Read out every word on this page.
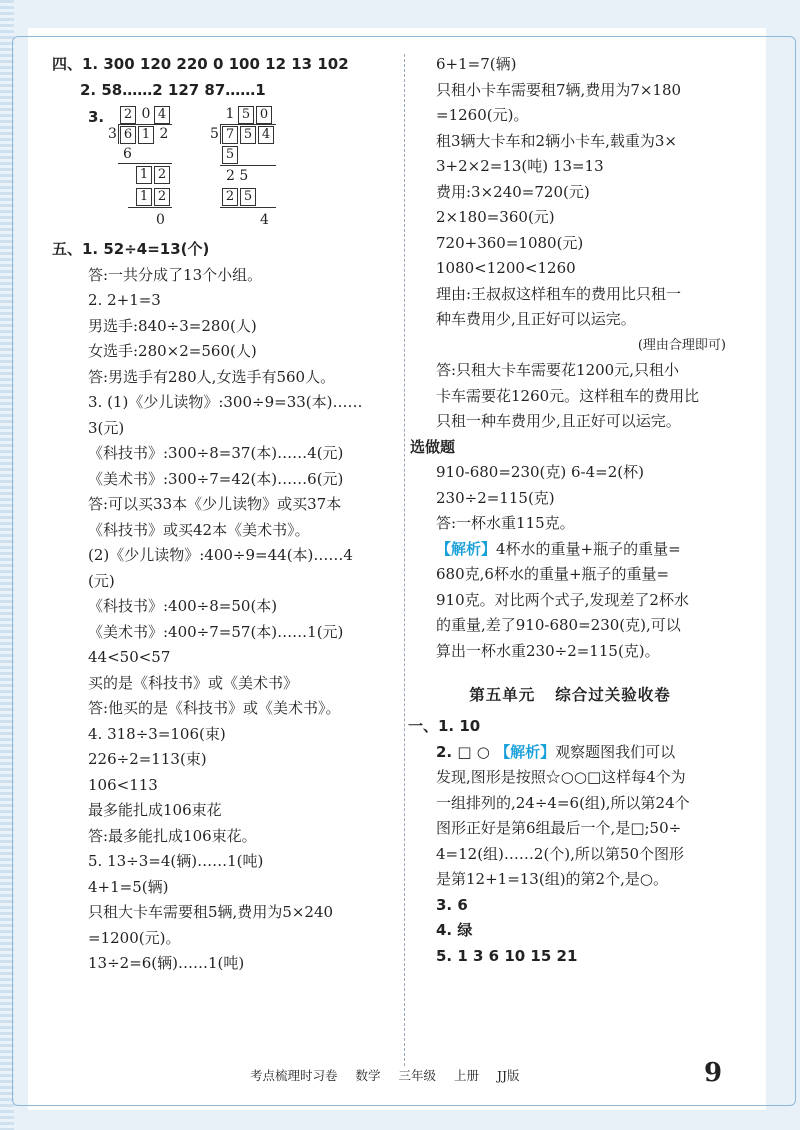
四、1. 300 120 220 0 100 12 13 102
2. 58……2 127 87……1
3. 2 0 4
3 6 1 2
6
1 2
1 2
0
1 5 0
5 7 5 4
5
2 5
2 5
4
五、1. 52÷4=13(个)
答:一共分成了13个小组。
2. 2+1=3
男选手:840÷3=280(人)
女选手:280×2=560(人)
答:男选手有280人,女选手有560人。
3. (1)《少儿读物》:300÷9=33(本)……
3(元)
《科技书》:300÷8=37(本)……4(元)
《美术书》:300÷7=42(本)……6(元)
答:可以买33本《少儿读物》或买37本
《科技书》或买42本《美术书》。
(2)《少儿读物》:400÷9=44(本)……4
(元)
《科技书》:400÷8=50(本)
《美术书》:400÷7=57(本)……1(元)
44<50<57
买的是《科技书》或《美术书》
答:他买的是《科技书》或《美术书》。
4. 318÷3=106(束)
226÷2=113(束)
106<113
最多能扎成106束花
答:最多能扎成106束花。
5. 13÷3=4(辆)……1(吨)
4+1=5(辆)
只租大卡车需要租5辆,费用为5×240
=1200(元)。
13÷2=6(辆)……1(吨)
6+1=7(辆)
只租小卡车需要租7辆,费用为7×180
=1260(元)。
租3辆大卡车和2辆小卡车,载重为3×
3+2×2=13(吨) 13=13
费用:3×240=720(元)
2×180=360(元)
720+360=1080(元)
1080<1200<1260
理由:王叔叔这样租车的费用比只租一
种车费用少,且正好可以运完。
(理由合理即可)
答:只租大卡车需要花1200元,只租小
卡车需要花1260元。这样租车的费用比
只租一种车费用少,且正好可以运完。
选做题
910-680=230(克) 6-4=2(杯)
230÷2=115(克)
答:一杯水重115克。
【解析】4杯水的重量+瓶子的重量=
680克,6杯水的重量+瓶子的重量=
910克。对比两个式子,发现差了2杯水
的重量,差了910-680=230(克),可以
算出一杯水重230÷2=115(克)。
第五单元 综合过关验收卷
一、1. 10
2. □ ○ 【解析】观察题图我们可以
发现,图形是按照☆○○□这样每4个为
一组排列的,24÷4=6(组),所以第24个
图形正好是第6组最后一个,是□;50÷
4=12(组)……2(个),所以第50个图形
是第12+1=13(组)的第2个,是○。
3. 6
4. 绿
5. 1 3 6 10 15 21
考点梳理时习卷 数学 三年级 上册 JJ版	9
